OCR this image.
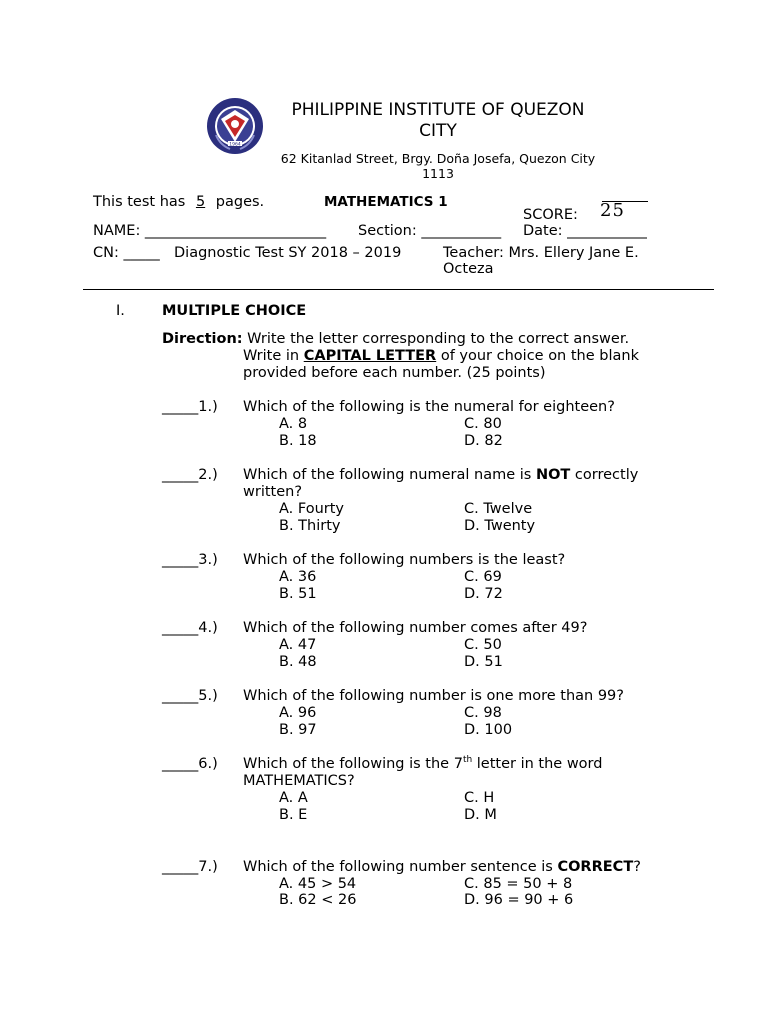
1964
PHILIPPINE INSTITUTE OF QUEZON CITY
62 Kitanlad Street, Brgy. Doña Josefa, Quezon City 1113
This test has 5 pages.	MATHEMATICS 1
SCORE: 25
NAME: _________________________ Section: ___________ Date: ___________
CN: _____ Diagnostic Test SY 2018 – 2019	Teacher: Mrs. Ellery Jane E. Octeza
I.	MULTIPLE CHOICE
Direction: Write the letter corresponding to the correct answer.
Write in CAPITAL LETTER of your choice on the blank
provided before each number. (25 points)
_____1.) Which of the following is the numeral for eighteen?
A. 8	C. 80
B. 18	D. 82
_____2.) Which of the following numeral name is NOT correctly written?
A. Fourty	C. Twelve
B. Thirty	D. Twenty
_____3.) Which of the following numbers is the least?
A. 36	C. 69
B. 51	D. 72
_____4.) Which of the following number comes after 49?
A. 47	C. 50
B. 48	D. 51
_____5.) Which of the following number is one more than 99?
A. 96	C. 98
B. 97	D. 100
_____6.) Which of the following is the 7th letter in the word MATHEMATICS?
A. A	C. H
B. E	D. M
_____7.) Which of the following number sentence is CORRECT?
A. 45 > 54	C. 85 = 50 + 8
B. 62 < 26	D. 96 = 90 + 6
